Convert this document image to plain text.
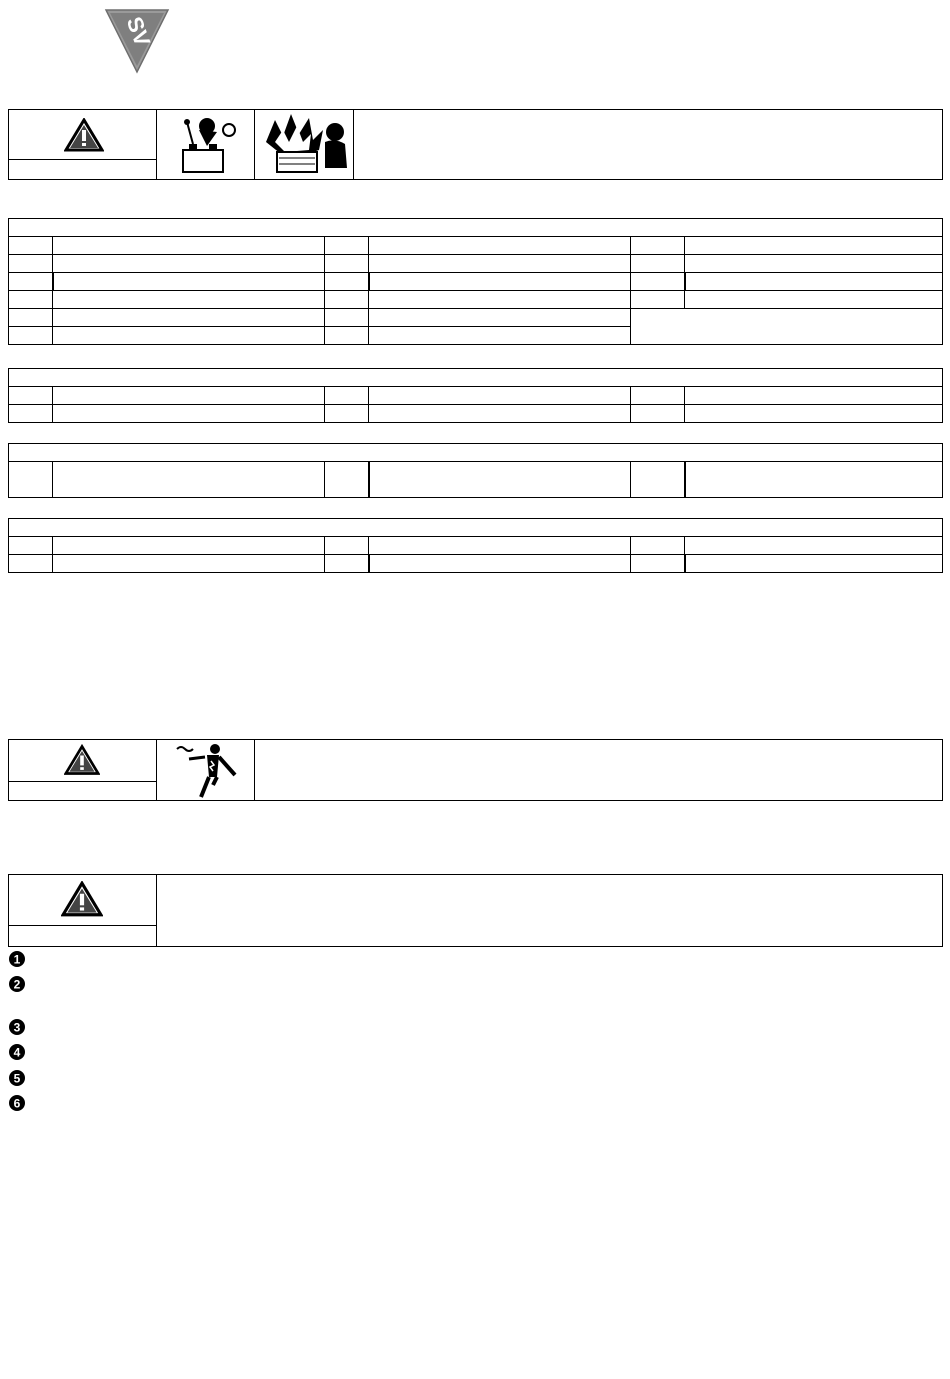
SV

1
2
3
4
5
6
